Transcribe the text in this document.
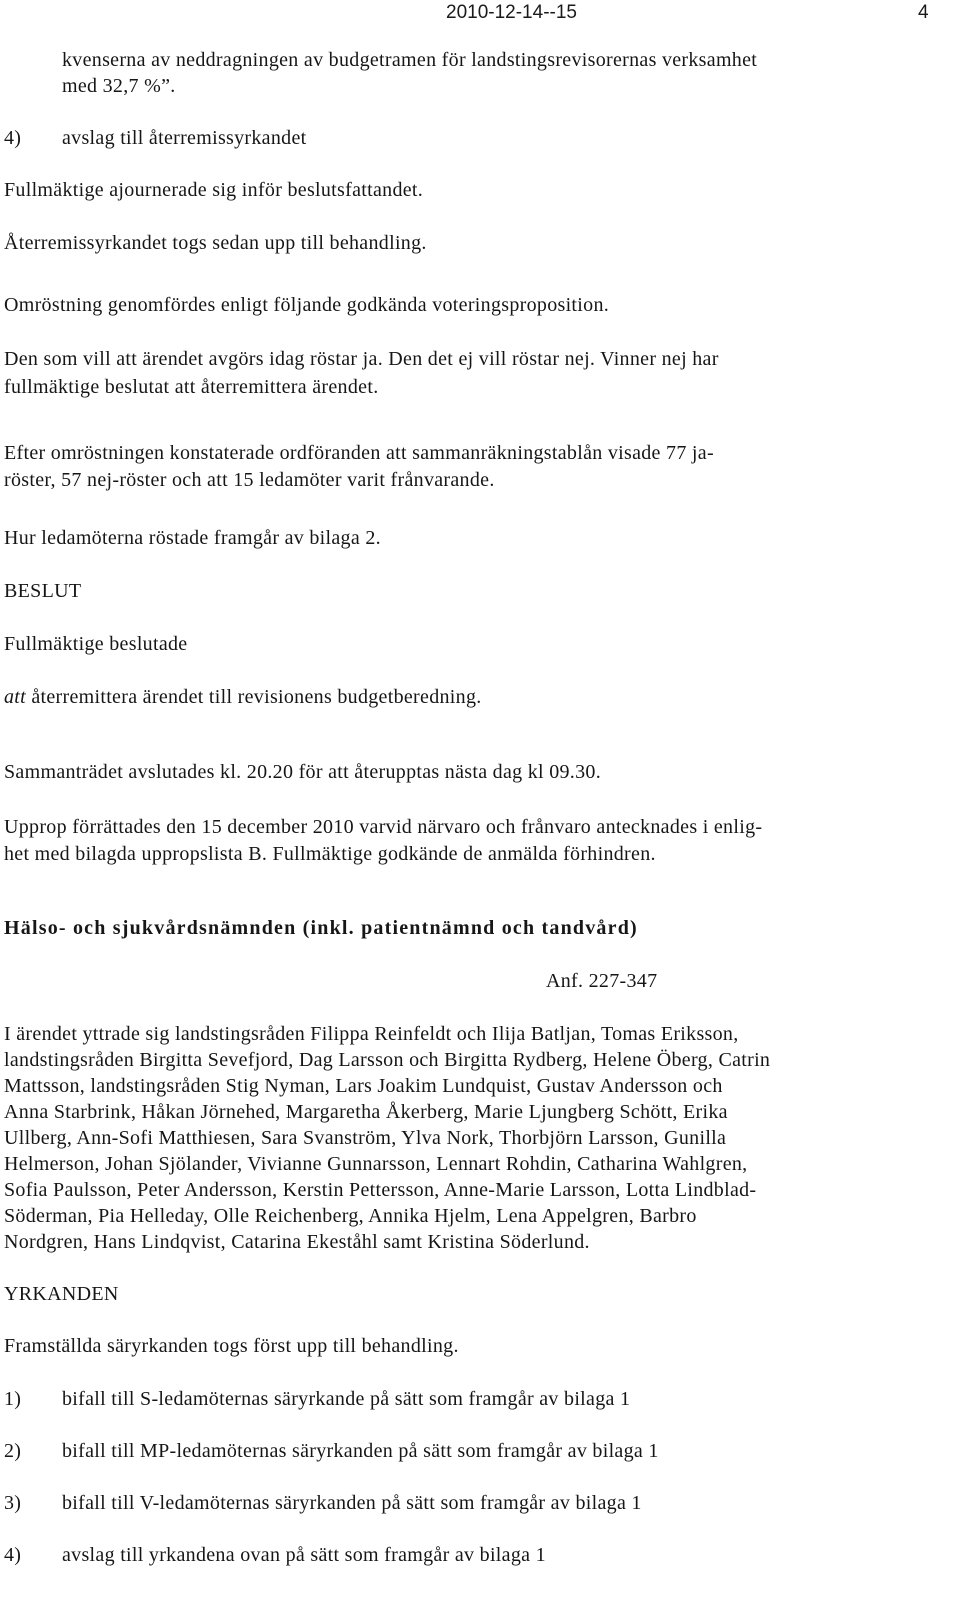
2010-12-14--15	4
kvenserna av neddragningen av budgetramen för landstingsrevisorernas verksamhet
med 32,7 %”.
4) avslag till återremissyrkandet
Fullmäktige ajournerade sig inför beslutsfattandet.
Återremissyrkandet togs sedan upp till behandling.
Omröstning genomfördes enligt följande godkända voteringsproposition.
Den som vill att ärendet avgörs idag röstar ja. Den det ej vill röstar nej. Vinner nej har
fullmäktige beslutat att återremittera ärendet.
Efter omröstningen konstaterade ordföranden att sammanräkningstablån visade 77 ja-
röster, 57 nej-röster och att 15 ledamöter varit frånvarande.
Hur ledamöterna röstade framgår av bilaga 2.
BESLUT
Fullmäktige beslutade
att återremittera ärendet till revisionens budgetberedning.
Sammanträdet avslutades kl. 20.20 för att återupptas nästa dag kl 09.30.
Upprop förrättades den 15 december 2010 varvid närvaro och frånvaro antecknades i enlig-
het med bilagda uppropslista B. Fullmäktige godkände de anmälda förhindren.
Hälso- och sjukvårdsnämnden (inkl. patientnämnd och tandvård)
Anf. 227-347
I ärendet yttrade sig landstingsråden Filippa Reinfeldt och Ilija Batljan, Tomas Eriksson,
landstingsråden Birgitta Sevefjord, Dag Larsson och Birgitta Rydberg, Helene Öberg, Catrin
Mattsson, landstingsråden Stig Nyman, Lars Joakim Lundquist, Gustav Andersson och
Anna Starbrink, Håkan Jörnehed, Margaretha Åkerberg, Marie Ljungberg Schött, Erika
Ullberg, Ann-Sofi Matthiesen, Sara Svanström, Ylva Nork, Thorbjörn Larsson, Gunilla
Helmerson, Johan Sjölander, Vivianne Gunnarsson, Lennart Rohdin, Catharina Wahlgren,
Sofia Paulsson, Peter Andersson, Kerstin Pettersson, Anne-Marie Larsson, Lotta Lindblad-
Söderman, Pia Helleday, Olle Reichenberg, Annika Hjelm, Lena Appelgren, Barbro
Nordgren, Hans Lindqvist, Catarina Ekeståhl samt Kristina Söderlund.
YRKANDEN
Framställda säryrkanden togs först upp till behandling.
1) bifall till S-ledamöternas säryrkande på sätt som framgår av bilaga 1
2) bifall till MP-ledamöternas säryrkanden på sätt som framgår av bilaga 1
3) bifall till V-ledamöternas säryrkanden på sätt som framgår av bilaga 1
4) avslag till yrkandena ovan på sätt som framgår av bilaga 1
